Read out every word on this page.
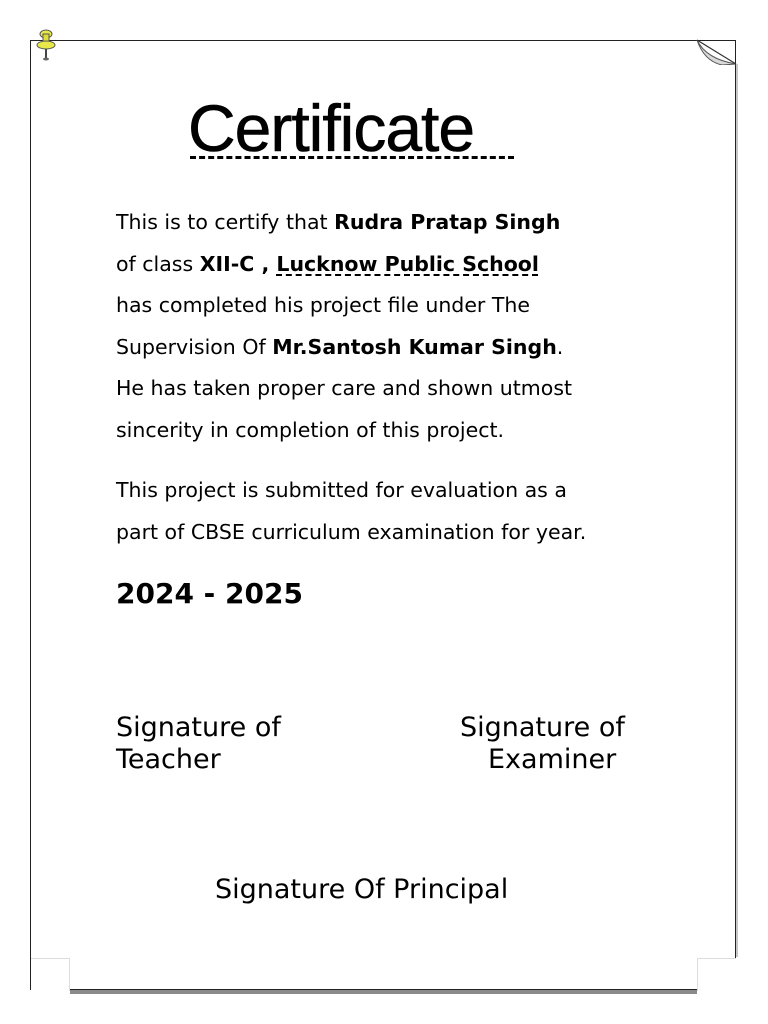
Certificate
This is to certify that Rudra Pratap Singh
of class XII-C , Lucknow Public School
has completed his project file under The
Supervision Of Mr.Santosh Kumar Singh.
He has taken proper care and shown utmost
sincerity in completion of this project.
This project is submitted for evaluation as a
part of CBSE curriculum examination for year.
2024 - 2025
Signature of
Teacher
Signature of
Examiner
Signature Of Principal
